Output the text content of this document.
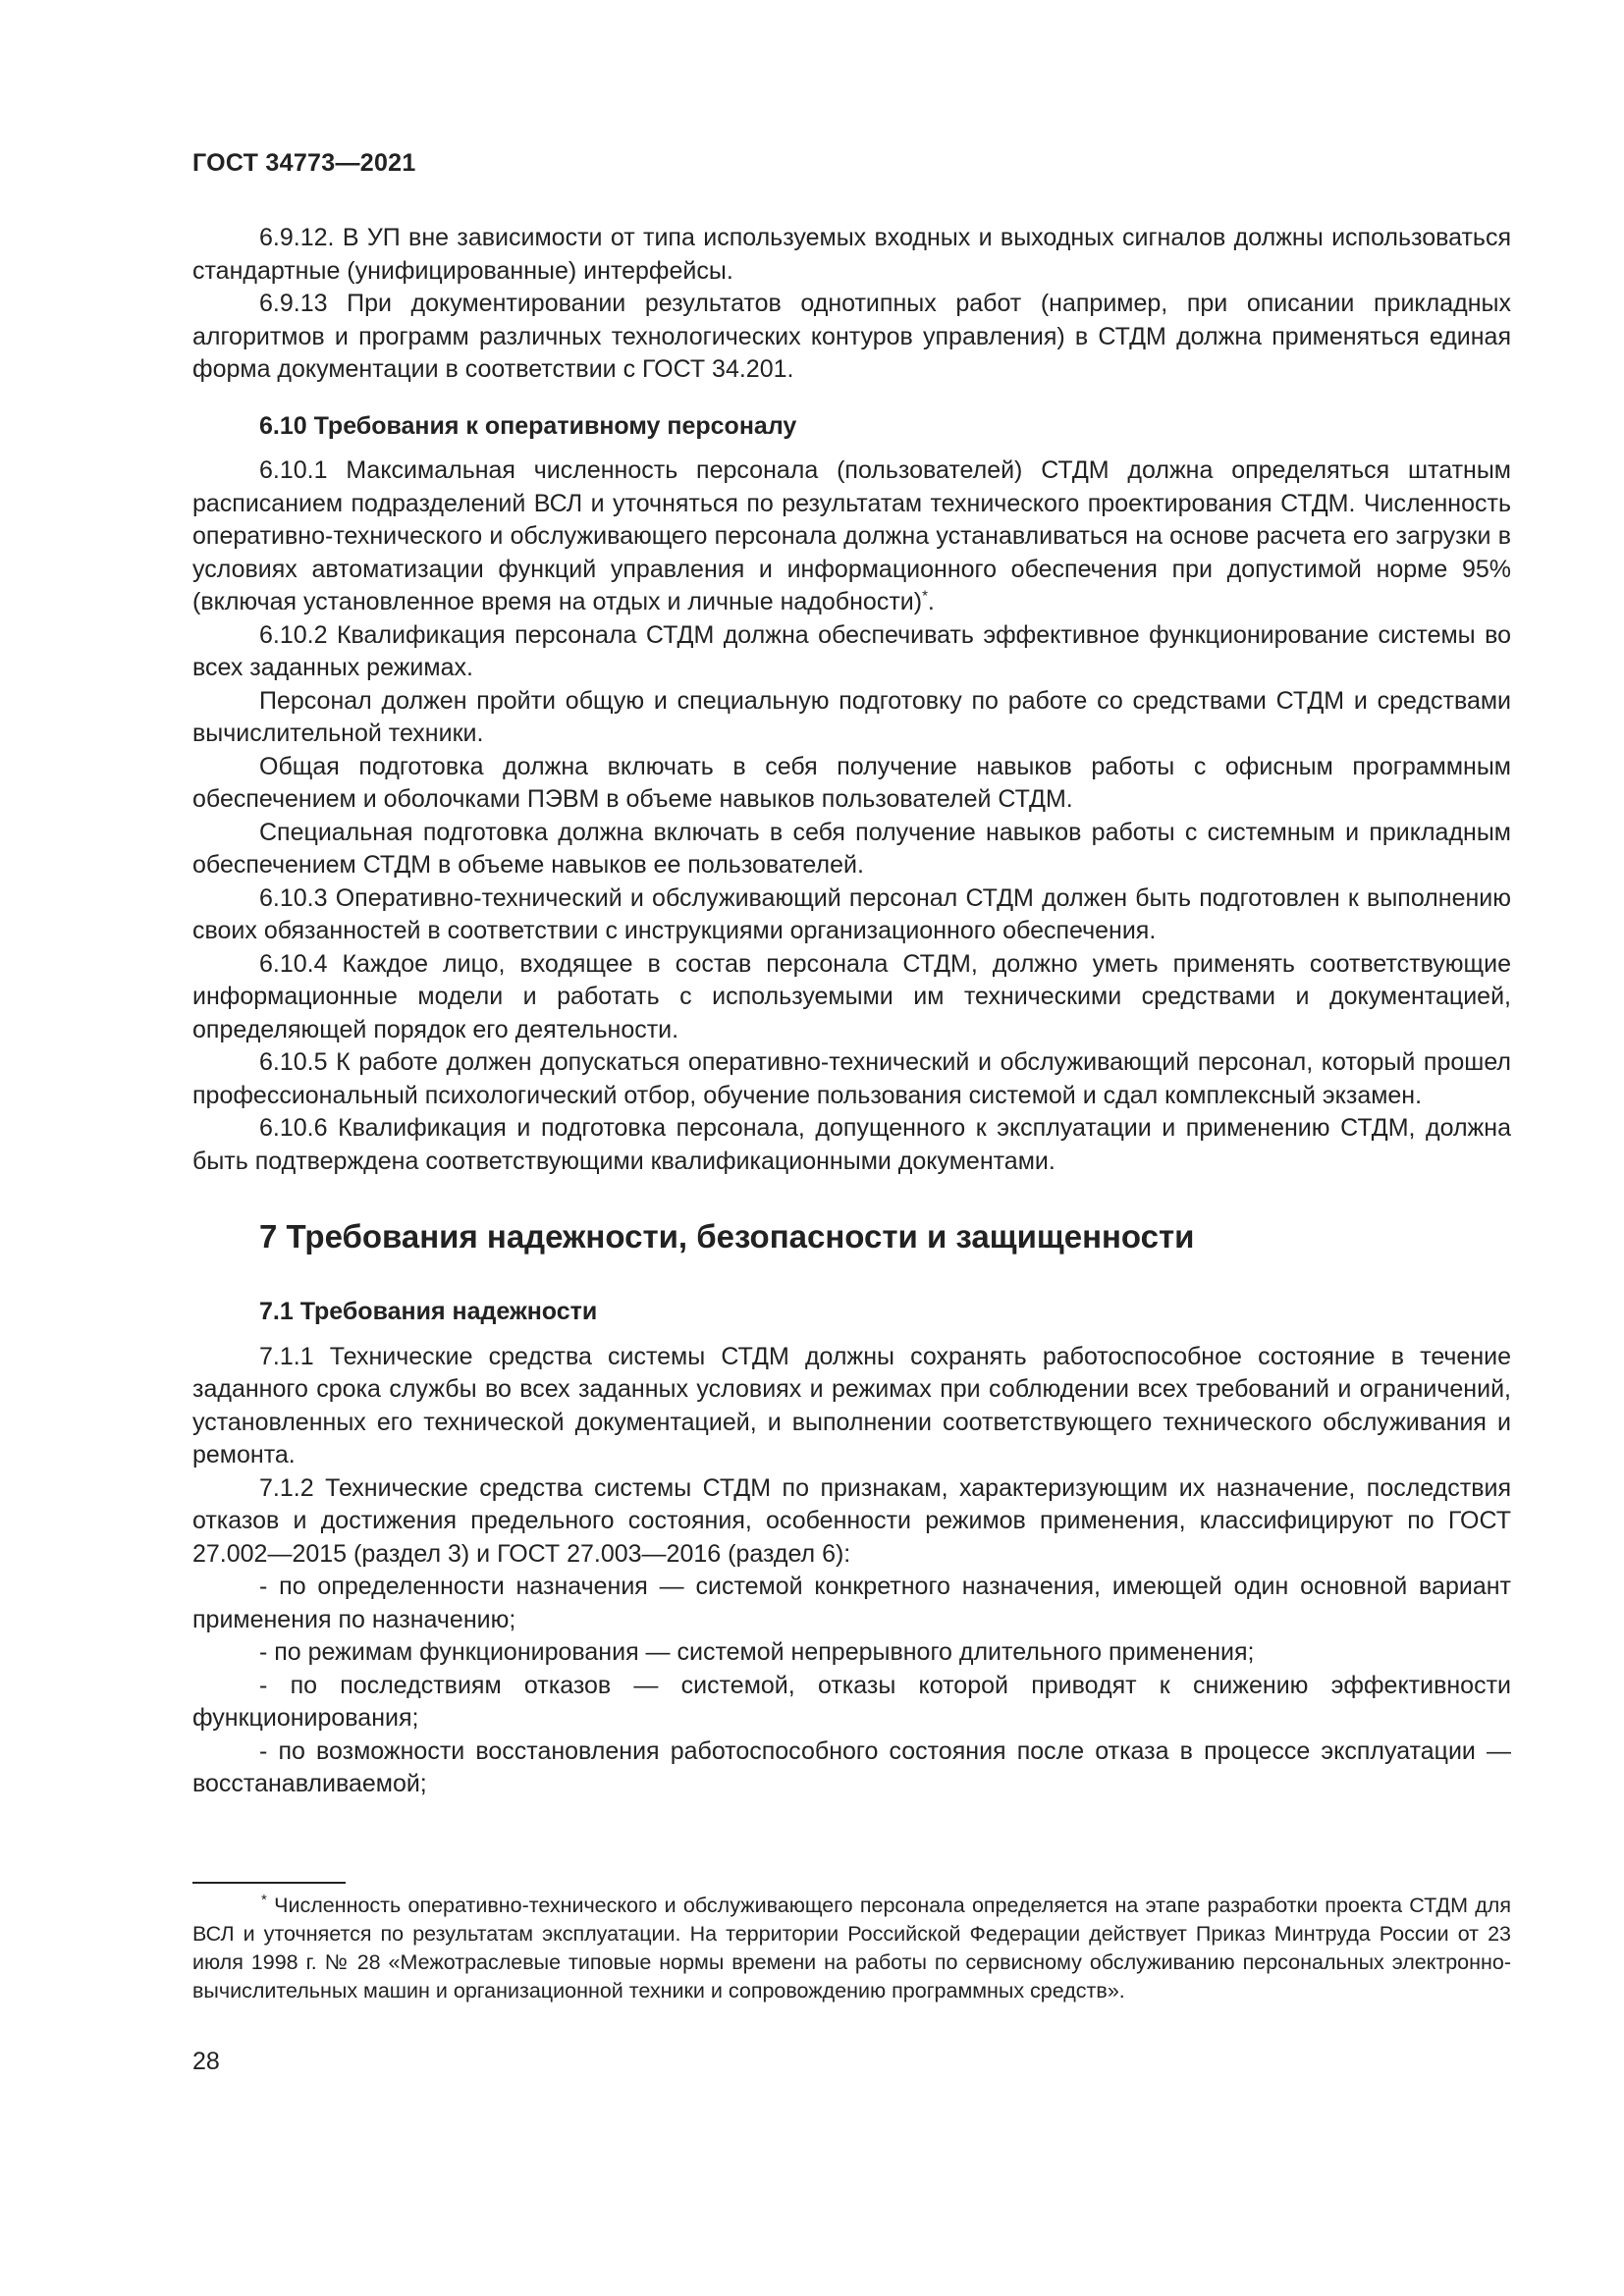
ГОСТ 34773—2021

6.9.12. В УП вне зависимости от типа используемых входных и выходных сигналов должны использоваться стандартные (унифицированные) интерфейсы.

6.9.13 При документировании результатов однотипных работ (например, при описании прикладных алгоритмов и программ различных технологических контуров управления) в СТДМ должна применяться единая форма документации в соответствии с ГОСТ 34.201.

6.10 Требования к оперативному персоналу

6.10.1 Максимальная численность персонала (пользователей) СТДМ должна определяться штатным расписанием подразделений ВСЛ и уточняться по результатам технического проектирования СТДМ. Численность оперативно-технического и обслуживающего персонала должна устанавливаться на основе расчета его загрузки в условиях автоматизации функций управления и информационного обеспечения при допустимой норме 95% (включая установленное время на отдых и личные надобности)*.

6.10.2 Квалификация персонала СТДМ должна обеспечивать эффективное функционирование системы во всех заданных режимах.

Персонал должен пройти общую и специальную подготовку по работе со средствами СТДМ и средствами вычислительной техники.

Общая подготовка должна включать в себя получение навыков работы с офисным программным обеспечением и оболочками ПЭВМ в объеме навыков пользователей СТДМ.

Специальная подготовка должна включать в себя получение навыков работы с системным и прикладным обеспечением СТДМ в объеме навыков ее пользователей.

6.10.3 Оперативно-технический и обслуживающий персонал СТДМ должен быть подготовлен к выполнению своих обязанностей в соответствии с инструкциями организационного обеспечения.

6.10.4 Каждое лицо, входящее в состав персонала СТДМ, должно уметь применять соответствующие информационные модели и работать с используемыми им техническими средствами и документацией, определяющей порядок его деятельности.

6.10.5 К работе должен допускаться оперативно-технический и обслуживающий персонал, который прошел профессиональный психологический отбор, обучение пользования системой и сдал комплексный экзамен.

6.10.6 Квалификация и подготовка персонала, допущенного к эксплуатации и применению СТДМ, должна быть подтверждена соответствующими квалификационными документами.

7 Требования надежности, безопасности и защищенности
7.1 Требования надежности

7.1.1 Технические средства системы СТДМ должны сохранять работоспособное состояние в течение заданного срока службы во всех заданных условиях и режимах при соблюдении всех требований и ограничений, установленных его технической документацией, и выполнении соответствующего технического обслуживания и ремонта.

7.1.2 Технические средства системы СТДМ по признакам, характеризующим их назначение, последствия отказов и достижения предельного состояния, особенности режимов применения, классифицируют по ГОСТ 27.002—2015 (раздел 3) и ГОСТ 27.003—2016 (раздел 6):

- по определенности назначения — системой конкретного назначения, имеющей один основной вариант применения по назначению;

- по режимам функционирования — системой непрерывного длительного применения;

- по последствиям отказов — системой, отказы которой приводят к снижению эффективности функционирования;

- по возможности восстановления работоспособного состояния после отказа в процессе эксплуатации — восстанавливаемой;

* Численность оперативно-технического и обслуживающего персонала определяется на этапе разработки проекта СТДМ для ВСЛ и уточняется по результатам эксплуатации. На территории Российской Федерации действует Приказ Минтруда России от 23 июля 1998 г. № 28 «Межотраслевые типовые нормы времени на работы по сервисному обслуживанию персональных электронно-вычислительных машин и организационной техники и сопровождению программных средств».
28
